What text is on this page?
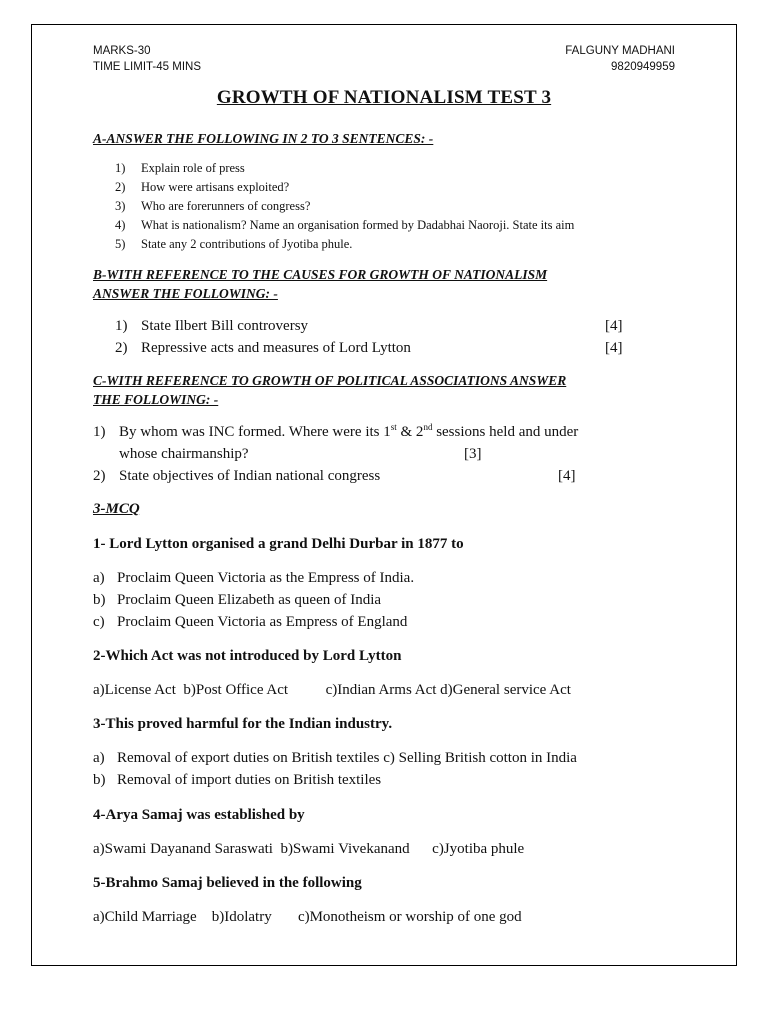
MARKS-30
TIME LIMIT-45 MINS
FALGUNY MADHANI
9820949959
GROWTH OF NATIONALISM TEST 3
A-ANSWER THE FOLLOWING IN 2 TO 3 SENTENCES: -
1) Explain role of press
2) How were artisans exploited?
3) Who are forerunners of congress?
4) What is nationalism? Name an organisation formed by Dadabhai Naoroji. State its aim
5) State any 2 contributions of Jyotiba phule.
B-WITH REFERENCE TO THE CAUSES FOR GROWTH OF NATIONALISM
ANSWER THE FOLLOWING: -
1) State Ilbert Bill controversy	[4]
2) Repressive acts and measures of Lord Lytton	[4]
C-WITH REFERENCE TO GROWTH OF POLITICAL ASSOCIATIONS ANSWER
THE FOLLOWING: -
1) By whom was INC formed. Where were its 1st & 2nd sessions held and under
whose chairmanship?	[3]
2) State objectives of Indian national congress	[4]
3-MCQ
1- Lord Lytton organised a grand Delhi Durbar in 1877 to
a) Proclaim Queen Victoria as the Empress of India.
b) Proclaim Queen Elizabeth as queen of India
c) Proclaim Queen Victoria as Empress of England
2-Which Act was not introduced by Lord Lytton
a)License Act  b)Post Office Act          c)Indian Arms Act d)General service Act
3-This proved harmful for the Indian industry.
a) Removal of export duties on British textiles c) Selling British cotton in India
b) Removal of import duties on British textiles
4-Arya Samaj was established by
a)Swami Dayanand Saraswati  b)Swami Vivekanand      c)Jyotiba phule
5-Brahmo Samaj believed in the following
a)Child Marriage    b)Idolatry       c)Monotheism or worship of one god
